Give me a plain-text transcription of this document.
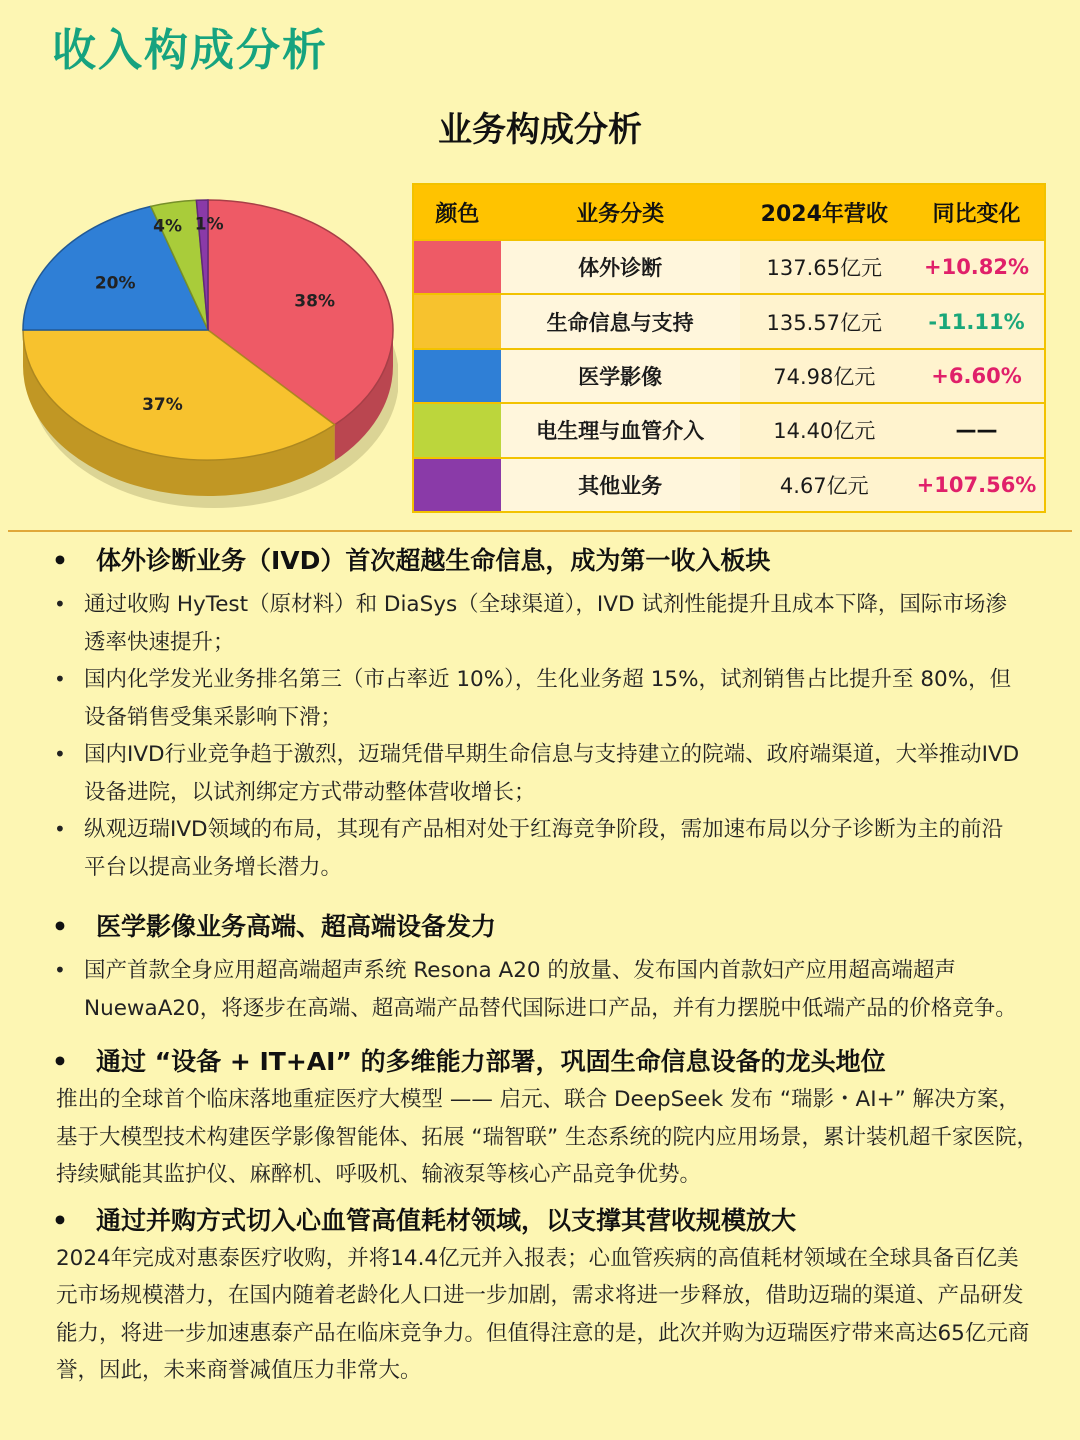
收入构成分析
业务构成分析
38%
37%
20%
4% 1%	颜色	业务分类	2024年营收	同比变化
	体外诊断	137.65亿元	+10.82%
	生命信息与支持	135.57亿元	-11.11%
	医学影像	74.98亿元	+6.60%
	电生理与血管介入	14.40亿元	——
	其他业务	4.67亿元	+107.56%
• 体外诊断业务（IVD）首次超越生命信息，成为第一收入板块
• 通过收购 HyTest（原材料）和 DiaSys（全球渠道），IVD 试剂性能提升且成本下降，国际市场渗透率快速提升；
• 国内化学发光业务排名第三（市占率近 10%），生化业务超 15%，试剂销售占比提升至 80%，但设备销售受集采影响下滑；
• 国内IVD行业竞争趋于激烈，迈瑞凭借早期生命信息与支持建立的院端、政府端渠道，大举推动IVD设备进院，以试剂绑定方式带动整体营收增长；
• 纵观迈瑞IVD领域的布局，其现有产品相对处于红海竞争阶段，需加速布局以分子诊断为主的前沿平台以提高业务增长潜力。
• 医学影像业务高端、超高端设备发力
• 国产首款全身应用超高端超声系统 Resona A20 的放量、发布国内首款妇产应用超高端超声NuewaA20，将逐步在高端、超高端产品替代国际进口产品，并有力摆脱中低端产品的价格竞争。
• 通过 “设备 + IT+AI” 的多维能力部署，巩固生命信息设备的龙头地位
推出的全球首个临床落地重症医疗大模型 —— 启元、联合 DeepSeek 发布 “瑞影・AI+” 解决方案，基于大模型技术构建医学影像智能体、拓展 “瑞智联” 生态系统的院内应用场景，累计装机超千家医院，持续赋能其监护仪、麻醉机、呼吸机、输液泵等核心产品竞争优势。
• 通过并购方式切入心血管高值耗材领域，以支撑其营收规模放大
2024年完成对惠泰医疗收购，并将14.4亿元并入报表；心血管疾病的高值耗材领域在全球具备百亿美元市场规模潜力，在国内随着老龄化人口进一步加剧，需求将进一步释放，借助迈瑞的渠道、产品研发能力，将进一步加速惠泰产品在临床竞争力。但值得注意的是，此次并购为迈瑞医疗带来高达65亿元商誉，因此，未来商誉减值压力非常大。
